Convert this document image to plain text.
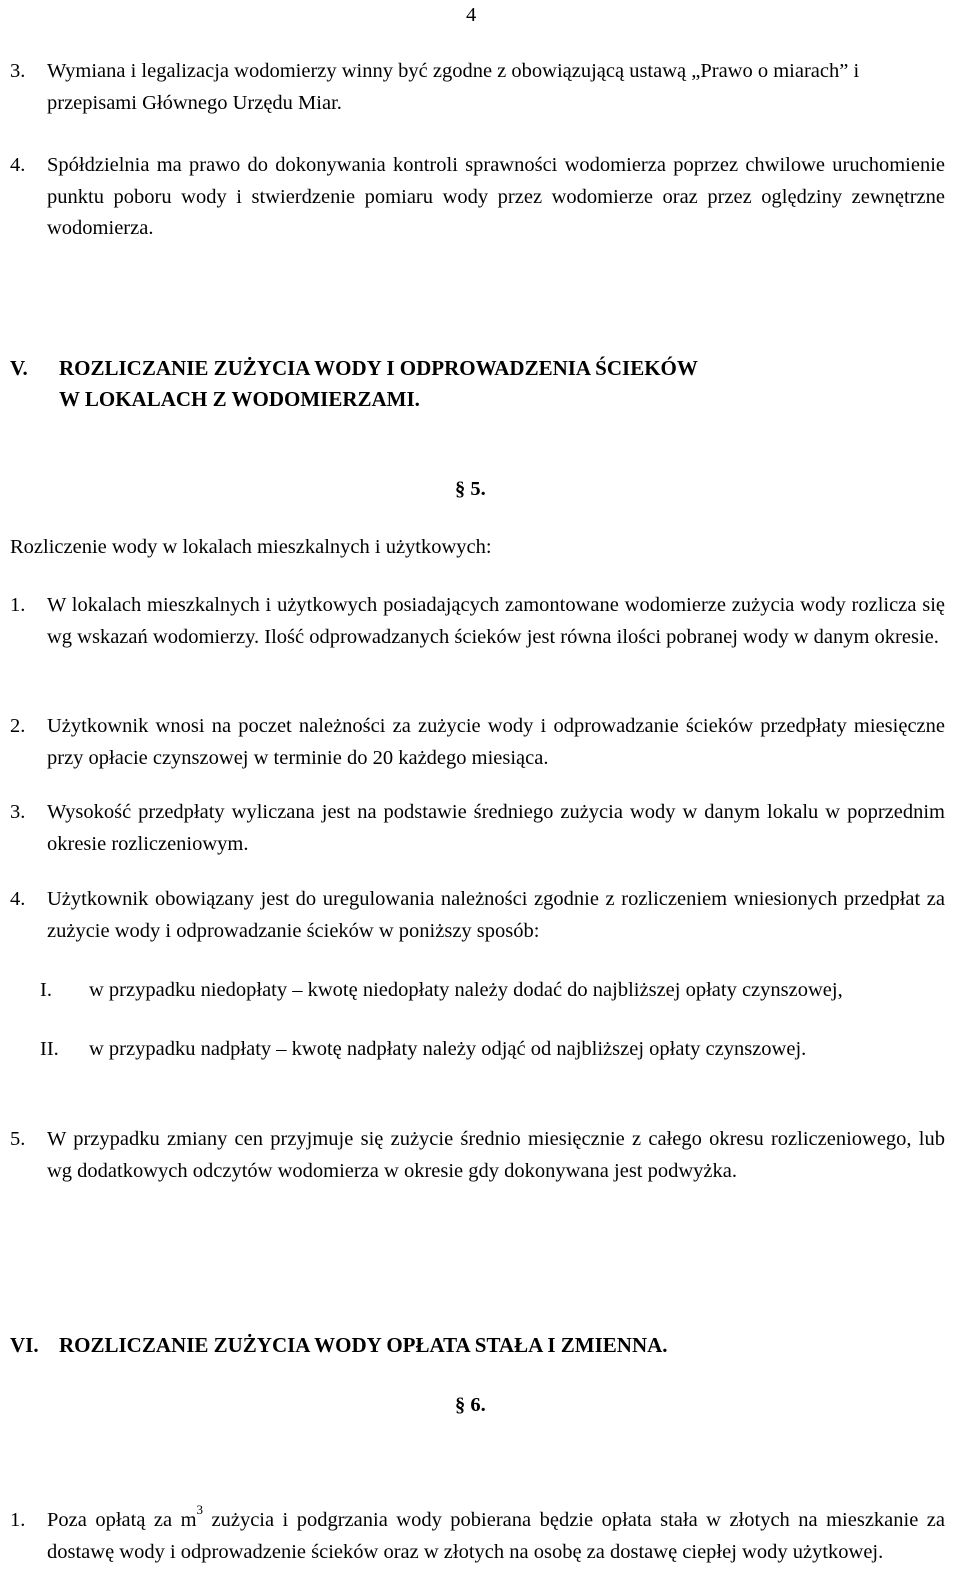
4
3. Wymiana i legalizacja wodomierzy winny być zgodne z obowiązującą ustawą „Prawo o miarach” i przepisami Głównego Urzędu Miar.
4. Spółdzielnia ma prawo do dokonywania kontroli sprawności wodomierza poprzez chwilowe uruchomienie punktu poboru wody i stwierdzenie pomiaru wody przez wodomierze oraz przez oględziny zewnętrzne wodomierza.
V. ROZLICZANIE ZUŻYCIA WODY I ODPROWADZENIA ŚCIEKÓW
W LOKALACH Z WODOMIERZAMI.
§ 5.
Rozliczenie wody w lokalach mieszkalnych i użytkowych:
1. W lokalach mieszkalnych i użytkowych posiadających zamontowane wodomierze zużycia wody rozlicza się wg wskazań wodomierzy. Ilość odprowadzanych ścieków jest równa ilości pobranej wody w danym okresie.
2. Użytkownik wnosi na poczet należności za zużycie wody i odprowadzanie ścieków przedpłaty miesięczne przy opłacie czynszowej w terminie do 20 każdego miesiąca.
3. Wysokość przedpłaty wyliczana jest na podstawie średniego zużycia wody w danym lokalu w poprzednim okresie rozliczeniowym.
4. Użytkownik obowiązany jest do uregulowania należności zgodnie z rozliczeniem wniesionych przedpłat za zużycie wody i odprowadzanie ścieków w poniższy sposób:
I. w przypadku niedopłaty – kwotę niedopłaty należy dodać do najbliższej opłaty czynszowej,
II. w przypadku nadpłaty – kwotę nadpłaty należy odjąć od najbliższej opłaty czynszowej.
5. W przypadku zmiany cen przyjmuje się zużycie średnio miesięcznie z całego okresu rozliczeniowego, lub wg dodatkowych odczytów wodomierza w okresie gdy dokonywana jest podwyżka.
VI. ROZLICZANIE ZUŻYCIA WODY OPŁATA STAŁA I ZMIENNA.
§ 6.
1. Poza opłatą za $m^3$ zużycia i podgrzania wody pobierana będzie opłata stała w złotych na mieszkanie za dostawę wody i odprowadzenie ścieków oraz w złotych na osobę za dostawę ciepłej wody użytkowej.
